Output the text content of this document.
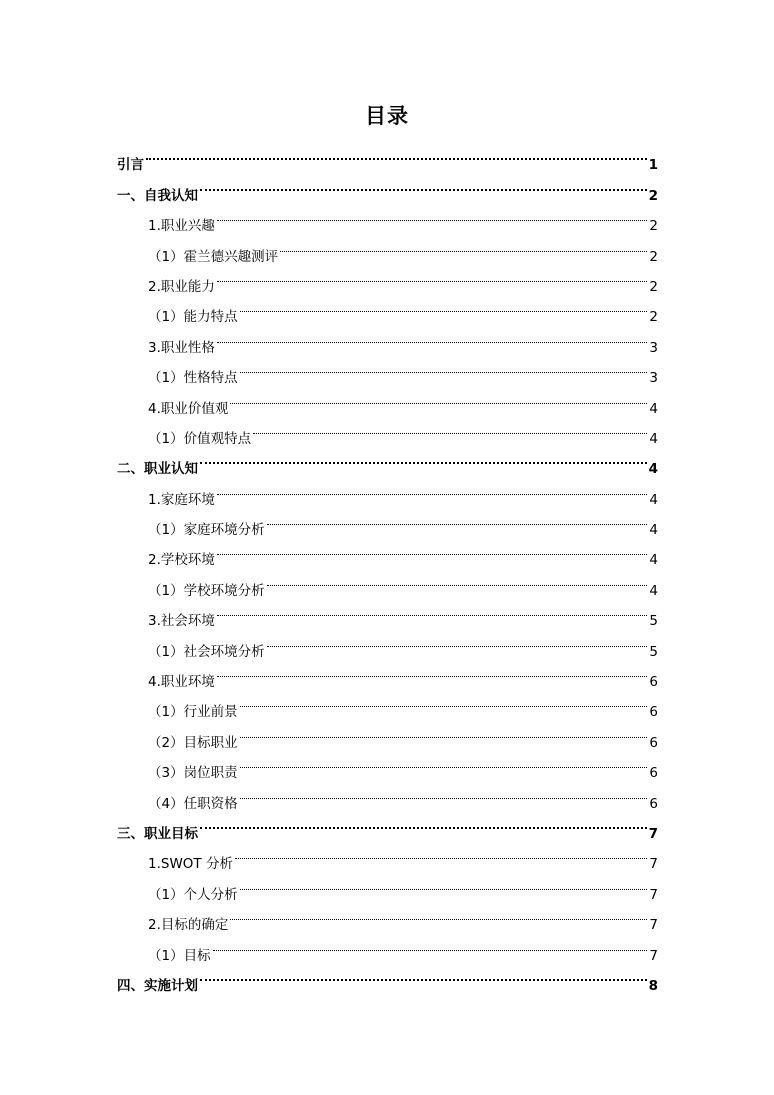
目录
引言	1
一、自我认知	2
1.职业兴趣	2
（1）霍兰德兴趣测评	2
2.职业能力	2
（1）能力特点	2
3.职业性格	3
（1）性格特点	3
4.职业价值观	4
（1）价值观特点	4
二、职业认知	4
1.家庭环境	4
（1）家庭环境分析	4
2.学校环境	4
（1）学校环境分析	4
3.社会环境	5
（1）社会环境分析	5
4.职业环境	6
（1）行业前景	6
（2）目标职业	6
（3）岗位职责	6
（4）任职资格	6
三、职业目标	7
1.SWOT 分析	7
（1）个人分析	7
2.目标的确定	7
（1）目标	7
四、实施计划	8
